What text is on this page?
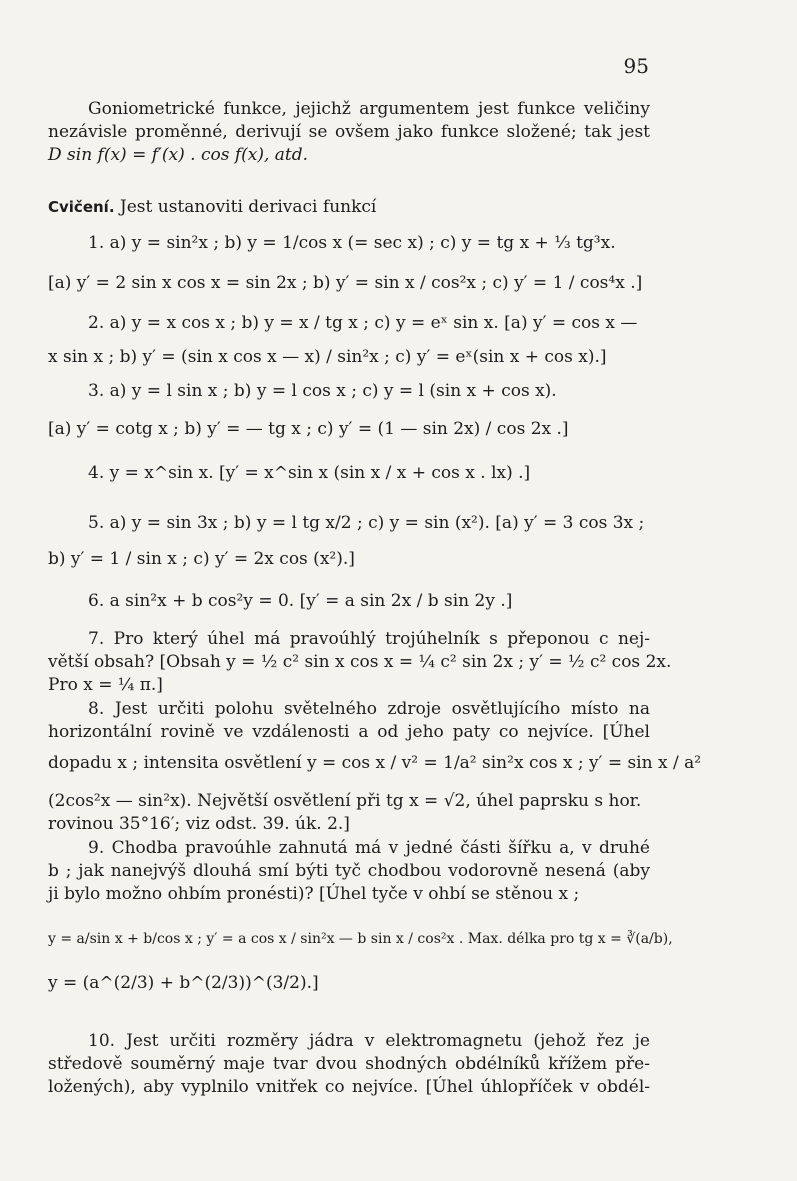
95
Goniometrické funkce, jejichž argumentem jest funkce veličiny
nezávisle proměnné, derivují se ovšem jako funkce složené; tak jest
D sin f(x) = f′(x) . cos f(x), atd.
Cvičení. Jest ustanoviti derivaci funkcí
1. a) y = sin²x ; b) y = 1/cos x (= sec x) ; c) y = tg x + ⅓ tg³x.
[a) y′ = 2 sin x cos x = sin 2x ; b) y′ = sin x / cos²x ; c) y′ = 1 / cos⁴x .]
2. a) y = x cos x ; b) y = x / tg x ; c) y = eˣ sin x. [a) y′ = cos x —
x sin x ; b) y′ = (sin x cos x — x) / sin²x ; c) y′ = eˣ(sin x + cos x).]
3. a) y = l sin x ; b) y = l cos x ; c) y = l (sin x + cos x).
[a) y′ = cotg x ; b) y′ = — tg x ; c) y′ = (1 — sin 2x) / cos 2x .]
4. y = x^sin x. [y′ = x^sin x (sin x / x + cos x . lx) .]
5. a) y = sin 3x ; b) y = l tg x/2 ; c) y = sin (x²). [a) y′ = 3 cos 3x ;
b) y′ = 1 / sin x ; c) y′ = 2x cos (x²).]
6. a sin²x + b cos²y = 0. [y′ = a sin 2x / b sin 2y .]
7. Pro který úhel má pravoúhlý trojúhelník s přeponou c nej-
větší obsah? [Obsah y = ½ c² sin x cos x = ¼ c² sin 2x ; y′ = ½ c² cos 2x.
Pro x = ¼ π.]
8. Jest určiti polohu světelného zdroje osvětlujícího místo na
horizontální rovině ve vzdálenosti a od jeho paty co nejvíce. [Úhel
dopadu x ; intensita osvětlení y = cos x / v² = 1/a² sin²x cos x ; y′ = sin x / a²
(2cos²x — sin²x). Největší osvětlení při tg x = √2, úhel paprsku s hor.
rovinou 35°16′; viz odst. 39. úk. 2.]
9. Chodba pravoúhle zahnutá má v jedné části šířku a, v druhé
b ; jak nanejvýš dlouhá smí býti tyč chodbou vodorovně nesená (aby
ji bylo možno ohbím pronésti)? [Úhel tyče v ohbí se stěnou x ;
y = a/sin x + b/cos x ; y′ = a cos x / sin²x — b sin x / cos²x . Max. délka pro tg x = ∛(a/b),
y = (a^(2/3) + b^(2/3))^(3/2).]
10. Jest určiti rozměry jádra v elektromagnetu (jehož řez je
středově souměrný maje tvar dvou shodných obdélníků křížem pře-
ložených), aby vyplnilo vnitřek co nejvíce. [Úhel úhlopříček v obdél-
